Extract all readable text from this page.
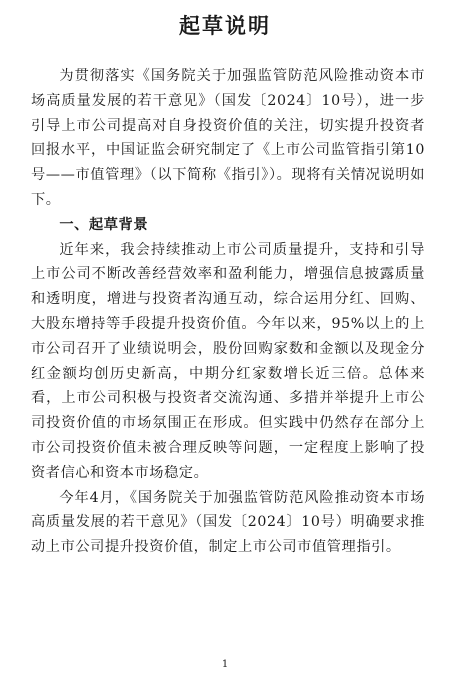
起草说明

为贯彻落实《国务院关于加强监管防范风险推动资本市场高质量发展的若干意见》（国发〔2024〕10号），进一步引导上市公司提高对自身投资价值的关注，切实提升投资者回报水平，中国证监会研究制定了《上市公司监管指引第10号——市值管理》（以下简称《指引》）。现将有关情况说明如下。

一、起草背景

近年来，我会持续推动上市公司质量提升，支持和引导上市公司不断改善经营效率和盈利能力，增强信息披露质量和透明度，增进与投资者沟通互动，综合运用分红、回购、大股东增持等手段提升投资价值。今年以来，95%以上的上市公司召开了业绩说明会，股份回购家数和金额以及现金分红金额均创历史新高，中期分红家数增长近三倍。总体来看，上市公司积极与投资者交流沟通、多措并举提升上市公司投资价值的市场氛围正在形成。但实践中仍然存在部分上市公司投资价值未被合理反映等问题，一定程度上影响了投资者信心和资本市场稳定。

今年4月，《国务院关于加强监管防范风险推动资本市场高质量发展的若干意见》（国发〔2024〕10号）明确要求推动上市公司提升投资价值，制定上市公司市值管理指引。

1
